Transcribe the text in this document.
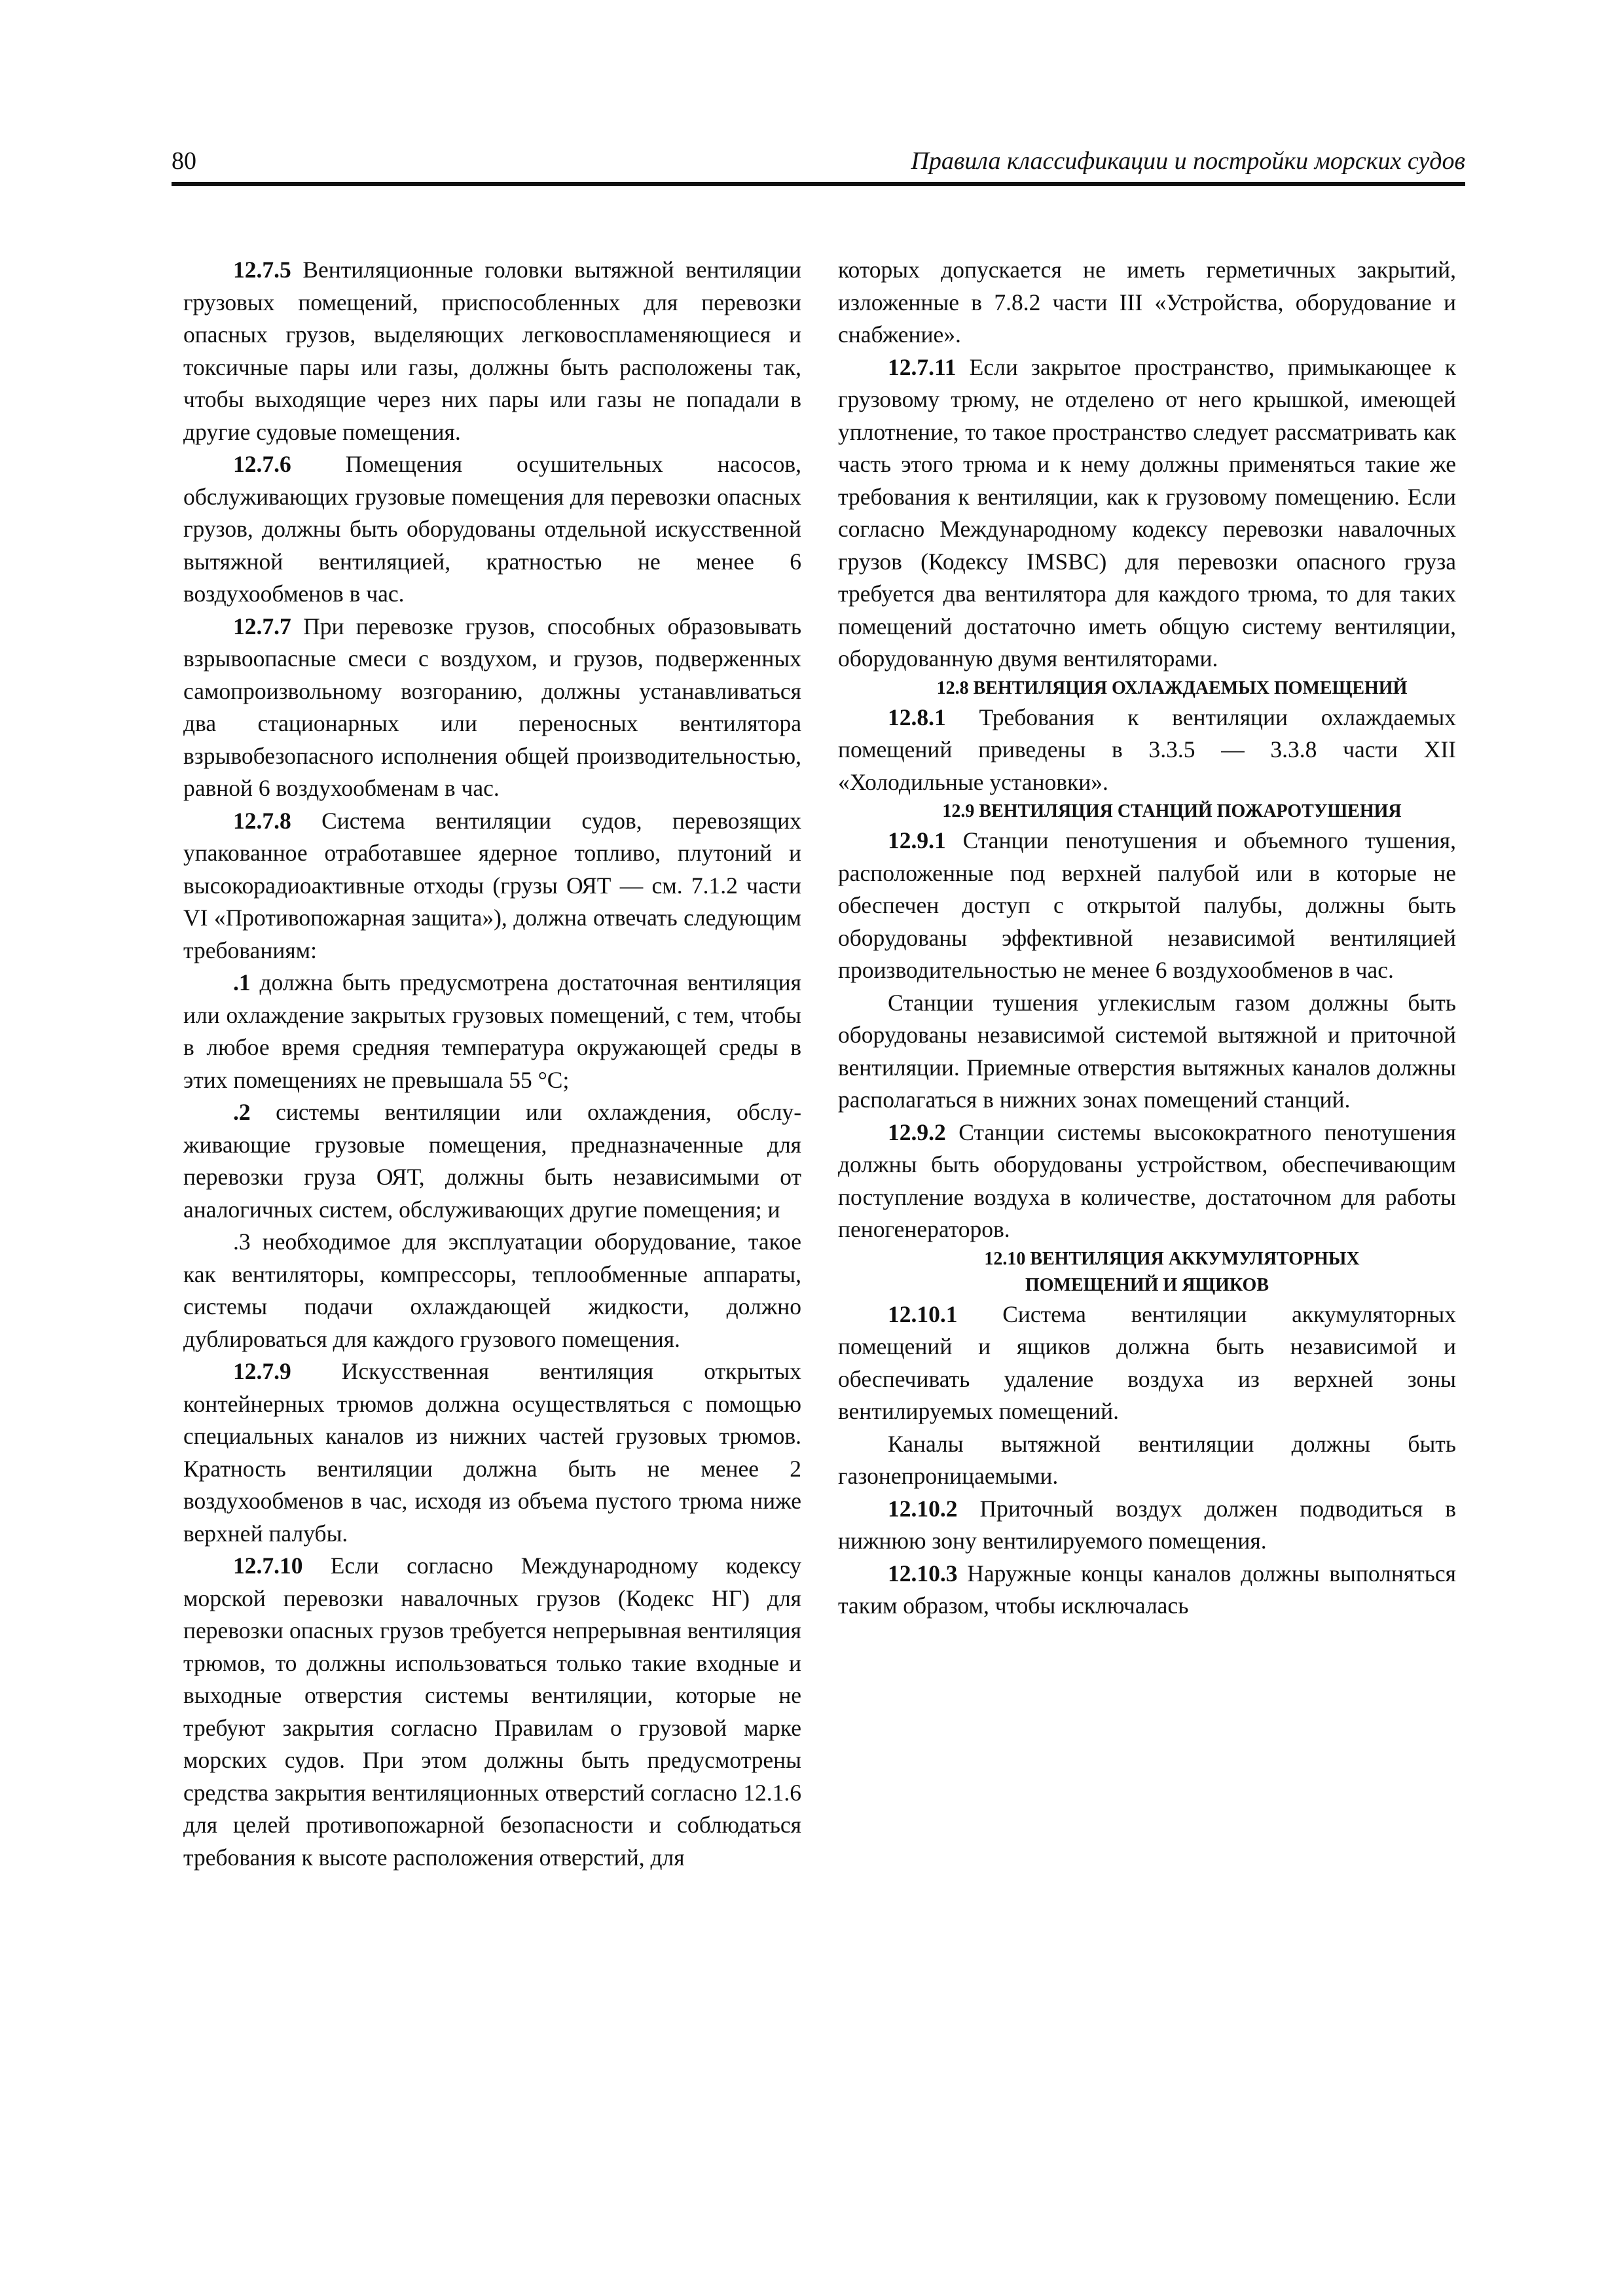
80	Правила классификации и постройки морских судов

12.7.5 Вентиляционные головки вытяжной вентиляции грузовых помещений, приспособленных для перевозки опасных грузов, выделяющих легковоспламеняющиеся и токсичные пары или газы, должны быть расположены так, чтобы выходящие через них пары или газы не попадали в другие судовые помещения.

12.7.6 Помещения осушительных насосов, обслуживающих грузовые помещения для перевозки опасных грузов, должны быть оборудованы отдельной искусственной вытяжной вентиляцией, кратностью не менее 6 воздухообменов в час.

12.7.7 При перевозке грузов, способных образовывать взрывоопасные смеси с воздухом, и грузов, подверженных самопроизвольному возгоранию, должны устанавливаться два стационарных или переносных вентилятора взрывобезопасного исполнения общей производительностью, равной 6 воздухообменам в час.

12.7.8 Система вентиляции судов, перевозящих упакованное отработавшее ядерное топливо, плутоний и высокорадиоактивные отходы (грузы ОЯТ — см. 7.1.2 части VI «Противопожарная защита»), должна отвечать следующим требованиям:

.1 должна быть предусмотрена достаточная вентиляция или охлаждение закрытых грузовых помещений, с тем, чтобы в любое время средняя температура окружающей среды в этих помещениях не превышала 55 °С;

.2 системы вентиляции или охлаждения, обслуживающие грузовые помещения, предназначенные для перевозки груза ОЯТ, должны быть независимыми от аналогичных систем, обслуживающих другие помещения; и

.3 необходимое для эксплуатации оборудование, такое как вентиляторы, компрессоры, теплообменные аппараты, системы подачи охлаждающей жидкости, должно дублироваться для каждого грузового помещения.

12.7.9 Искусственная вентиляция открытых контейнерных трюмов должна осуществляться с помощью специальных каналов из нижних частей грузовых трюмов. Кратность вентиляции должна быть не менее 2 воздухообменов в час, исходя из объема пустого трюма ниже верхней палубы.

12.7.10 Если согласно Международному кодексу морской перевозки навалочных грузов (Кодекс НГ) для перевозки опасных грузов требуется непрерывная вентиляция трюмов, то должны использоваться только такие входные и выходные отверстия системы вентиляции, которые не требуют закрытия согласно Правилам о грузовой марке морских судов. При этом должны быть предусмотрены средства закрытия вентиляционных отверстий согласно 12.1.6 для целей противопожарной безопасности и соблюдаться требования к высоте расположения отверстий, для

которых допускается не иметь герметичных закрытий, изложенные в 7.8.2 части III «Устройства, оборудование и снабжение».

12.7.11 Если закрытое пространство, примыкающее к грузовому трюму, не отделено от него крышкой, имеющей уплотнение, то такое пространство следует рассматривать как часть этого трюма и к нему должны применяться такие же требования к вентиляции, как к грузовому помещению. Если согласно Международному кодексу перевозки навалочных грузов (Кодексу IMSBC) для перевозки опасного груза требуется два вентилятора для каждого трюма, то для таких помещений достаточно иметь общую систему вентиляции, оборудованную двумя вентиляторами.

12.8 ВЕНТИЛЯЦИЯ ОХЛАЖДАЕМЫХ ПОМЕЩЕНИЙ

12.8.1 Требования к вентиляции охлаждаемых помещений приведены в 3.3.5 — 3.3.8 части XII «Холодильные установки».

12.9 ВЕНТИЛЯЦИЯ СТАНЦИЙ ПОЖАРОТУШЕНИЯ

12.9.1 Станции пенотушения и объемного тушения, расположенные под верхней палубой или в которые не обеспечен доступ с открытой палубы, должны быть оборудованы эффективной независимой вентиляцией производительностью не менее 6 воздухообменов в час.

Станции тушения углекислым газом должны быть оборудованы независимой системой вытяжной и приточной вентиляции. Приемные отверстия вытяжных каналов должны располагаться в нижних зонах помещений станций.

12.9.2 Станции системы высокократного пенотушения должны быть оборудованы устройством, обеспечивающим поступление воздуха в количестве, достаточном для работы пеногенераторов.

12.10 ВЕНТИЛЯЦИЯ АККУМУЛЯТОРНЫХ ПОМЕЩЕНИЙ И ЯЩИКОВ

12.10.1 Система вентиляции аккумуляторных помещений и ящиков должна быть независимой и обеспечивать удаление воздуха из верхней зоны вентилируемых помещений.

Каналы вытяжной вентиляции должны быть газонепроницаемыми.

12.10.2 Приточный воздух должен подводиться в нижнюю зону вентилируемого помещения.

12.10.3 Наружные концы каналов должны выполняться таким образом, чтобы исключалась
